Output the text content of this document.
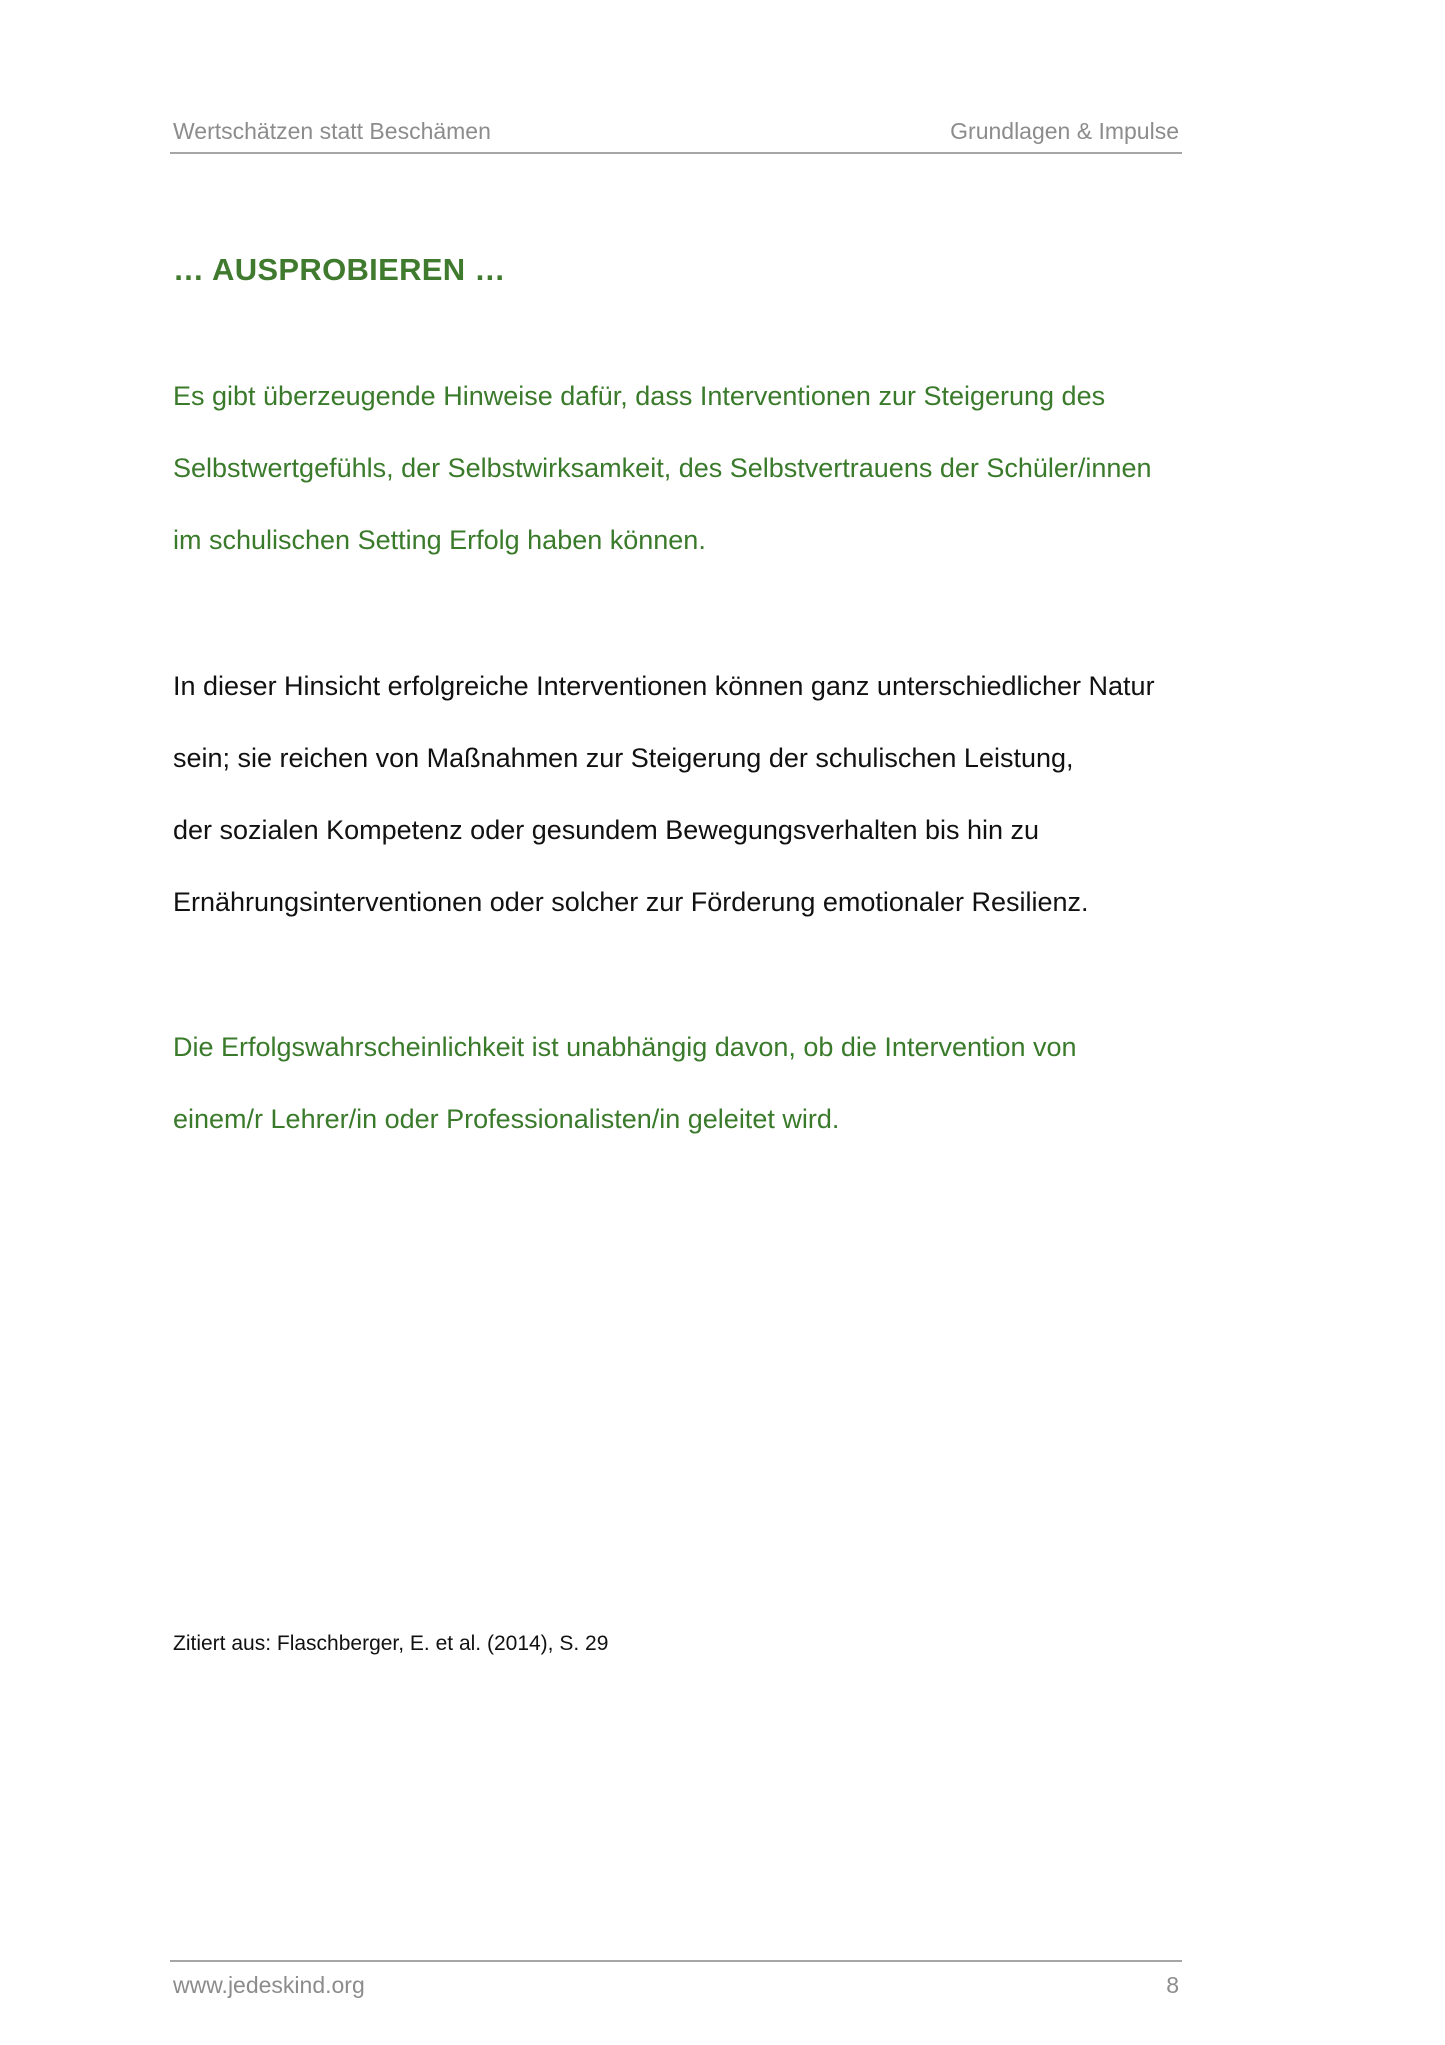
Wertschätzen statt Beschämen	Grundlagen & Impulse
… AUSPROBIEREN …

Es gibt überzeugende Hinweise dafür, dass Interventionen zur Steigerung des
Selbstwertgefühls, der Selbstwirksamkeit, des Selbstvertrauens der Schüler/innen
im schulischen Setting Erfolg haben können.

In dieser Hinsicht erfolgreiche Interventionen können ganz unterschiedlicher Natur
sein; sie reichen von Maßnahmen zur Steigerung der schulischen Leistung,
der sozialen Kompetenz oder gesundem Bewegungsverhalten bis hin zu
Ernährungsinterventionen oder solcher zur Förderung emotionaler Resilienz.

Die Erfolgswahrscheinlichkeit ist unabhängig davon, ob die Intervention von
einem/r Lehrer/in oder Professionalisten/in geleitet wird.

Zitiert aus: Flaschberger, E. et al. (2014), S. 29
www.jedeskind.org	8
